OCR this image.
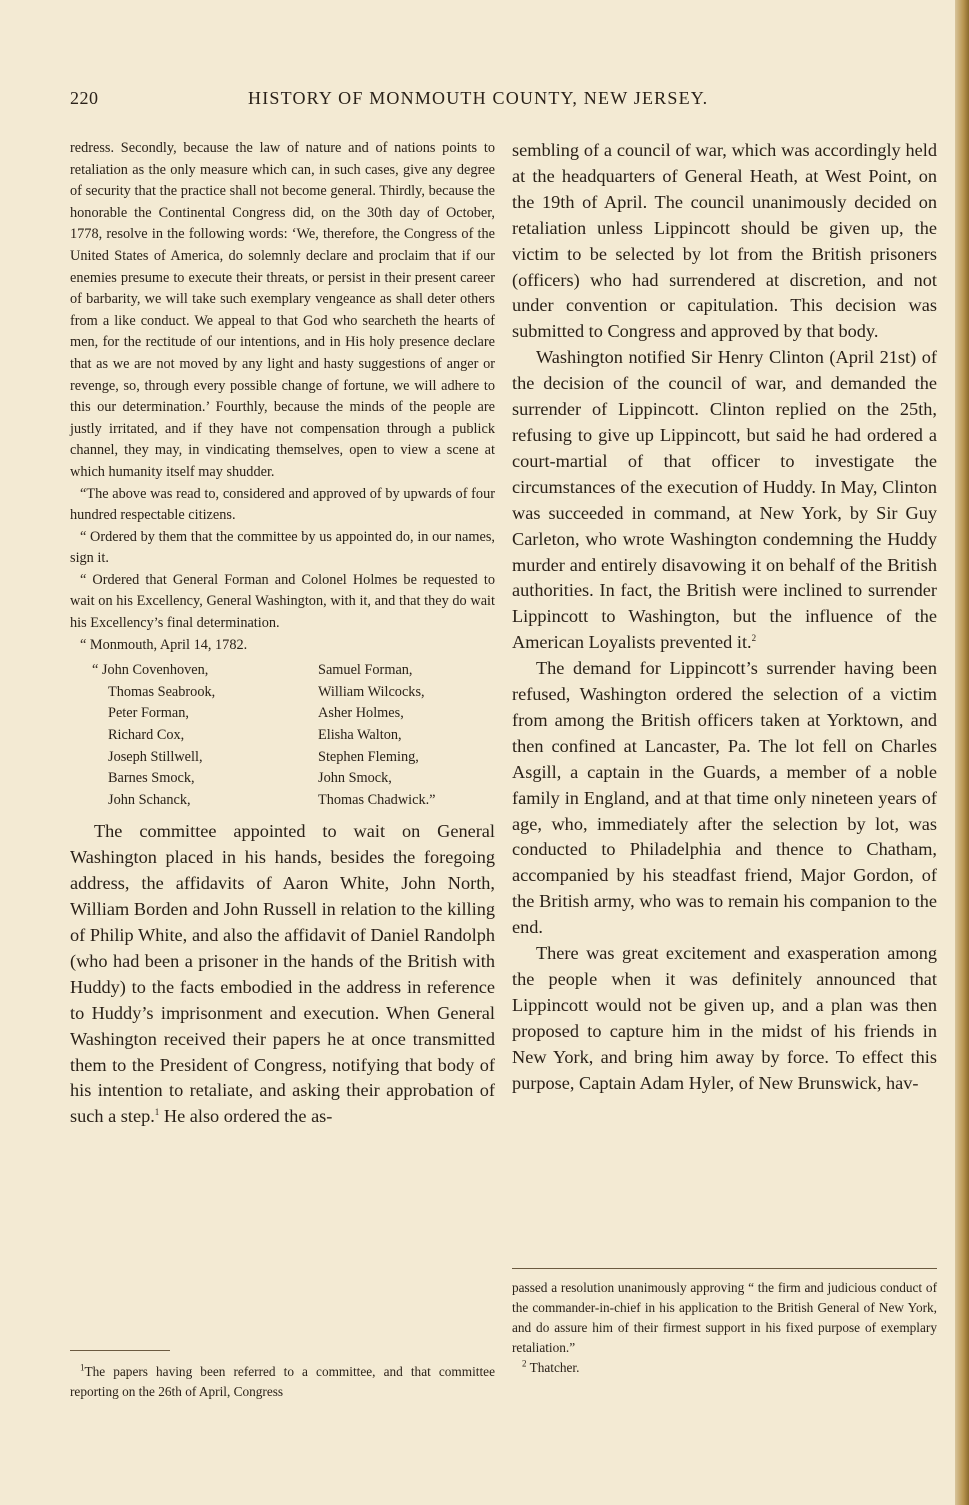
220	HISTORY OF MONMOUTH COUNTY, NEW JERSEY.

redress. Secondly, because the law of nature and of nations points to retaliation as the only measure which can, in such cases, give any degree of security that the practice shall not become general. Thirdly, because the honorable the Continental Congress did, on the 30th day of October, 1778, resolve in the following words: ‘We, therefore, the Congress of the United States of America, do solemnly declare and proclaim that if our enemies presume to execute their threats, or persist in their present career of barbarity, we will take such exemplary vengeance as shall deter others from a like conduct. We appeal to that God who searcheth the hearts of men, for the rectitude of our intentions, and in His holy presence declare that as we are not moved by any light and hasty suggestions of anger or revenge, so, through every possible change of fortune, we will adhere to this our determination.’ Fourthly, because the minds of the people are justly irritated, and if they have not compensation through a publick channel, they may, in vindicating themselves, open to view a scene at which humanity itself may shudder.

“The above was read to, considered and approved of by upwards of four hundred respectable citizens.

“ Ordered by them that the committee by us appointed do, in our names, sign it.

“ Ordered that General Forman and Colonel Holmes be requested to wait on his Excellency, General Washington, with it, and that they do wait his Excellency’s final determination.

“ Monmouth, April 14, 1782.

“ John Covenhoven,	Samuel Forman,
Thomas Seabrook,	William Wilcocks,
Peter Forman,	Asher Holmes,
Richard Cox,	Elisha Walton,
Joseph Stillwell,	Stephen Fleming,
Barnes Smock,	John Smock,
John Schanck,	Thomas Chadwick.”

The committee appointed to wait on General Washington placed in his hands, besides the foregoing address, the affidavits of Aaron White, John North, William Borden and John Russell in relation to the killing of Philip White, and also the affidavit of Daniel Randolph (who had been a prisoner in the hands of the British with Huddy) to the facts embodied in the address in reference to Huddy’s imprisonment and execution. When General Washington received their papers he at once transmitted them to the President of Congress, notifying that body of his intention to retaliate, and asking their approbation of such a step.$^1$ He also ordered the as-

$^1$The papers having been referred to a committee, and that committee reporting on the 26th of April, Congress

sembling of a council of war, which was accordingly held at the headquarters of General Heath, at West Point, on the 19th of April. The council unanimously decided on retaliation unless Lippincott should be given up, the victim to be selected by lot from the British prisoners (officers) who had surrendered at discretion, and not under convention or capitulation. This decision was submitted to Congress and approved by that body.

Washington notified Sir Henry Clinton (April 21st) of the decision of the council of war, and demanded the surrender of Lippincott. Clinton replied on the 25th, refusing to give up Lippincott, but said he had ordered a court-martial of that officer to investigate the circumstances of the execution of Huddy. In May, Clinton was succeeded in command, at New York, by Sir Guy Carleton, who wrote Washington condemning the Huddy murder and entirely disavowing it on behalf of the British authorities. In fact, the British were inclined to surrender Lippincott to Washington, but the influence of the American Loyalists prevented it.$^2$

The demand for Lippincott’s surrender having been refused, Washington ordered the selection of a victim from among the British officers taken at Yorktown, and then confined at Lancaster, Pa. The lot fell on Charles Asgill, a captain in the Guards, a member of a noble family in England, and at that time only nineteen years of age, who, immediately after the selection by lot, was conducted to Philadelphia and thence to Chatham, accompanied by his steadfast friend, Major Gordon, of the British army, who was to remain his companion to the end.

There was great excitement and exasperation among the people when it was definitely announced that Lippincott would not be given up, and a plan was then proposed to capture him in the midst of his friends in New York, and bring him away by force. To effect this purpose, Captain Adam Hyler, of New Brunswick, hav-

passed a resolution unanimously approving “ the firm and judicious conduct of the commander-in-chief in his application to the British General of New York, and do assure him of their firmest support in his fixed purpose of exemplary retaliation.”

$^2$ Thatcher.
